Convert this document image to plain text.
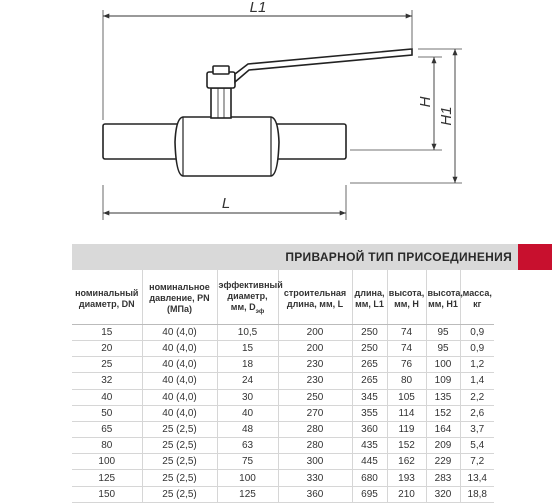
L1
L
H
H1
ПРИВАРНОЙ ТИП ПРИСОЕДИНЕНИЯ
номинальный диаметр, DN	номинальное давление, PN (МПа)	эффективный диаметр, мм, $D_{эф}$	строительная длина, мм, L	длина, мм, L1	высота, мм, H	высота, мм, H1	масса, кг
15	40 (4,0)	10,5	200	250	74	95	0,9
20	40 (4,0)	15	200	250	74	95	0,9
25	40 (4,0)	18	230	265	76	100	1,2
32	40 (4,0)	24	230	265	80	109	1,4
40	40 (4,0)	30	250	345	105	135	2,2
50	40 (4,0)	40	270	355	114	152	2,6
65	25 (2,5)	48	280	360	119	164	3,7
80	25 (2,5)	63	280	435	152	209	5,4
100	25 (2,5)	75	300	445	162	229	7,2
125	25 (2,5)	100	330	680	193	283	13,4
150	25 (2,5)	125	360	695	210	320	18,8
